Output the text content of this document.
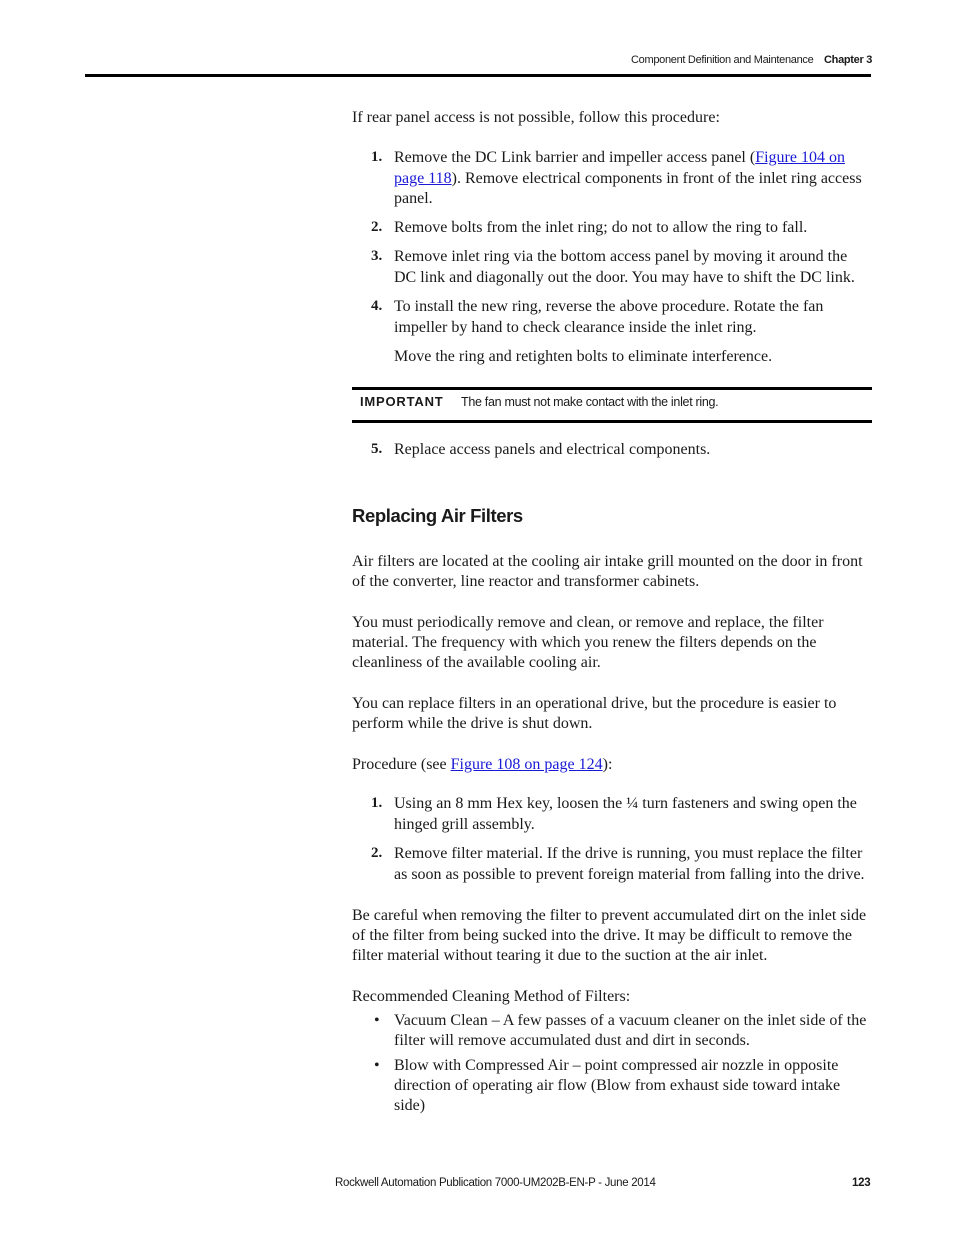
Component Definition and Maintenance Chapter 3
If rear panel access is not possible, follow this procedure:
1. Remove the DC Link barrier and impeller access panel (Figure 104 on page 118). Remove electrical components in front of the inlet ring access panel.
2. Remove bolts from the inlet ring; do not to allow the ring to fall.
3. Remove inlet ring via the bottom access panel by moving it around the DC link and diagonally out the door. You may have to shift the DC link.
4. To install the new ring, reverse the above procedure. Rotate the fan impeller by hand to check clearance inside the inlet ring.
Move the ring and retighten bolts to eliminate interference.
IMPORTANT The fan must not make contact with the inlet ring.
5. Replace access panels and electrical components.
Replacing Air Filters
Air filters are located at the cooling air intake grill mounted on the door in front of the converter, line reactor and transformer cabinets.
You must periodically remove and clean, or remove and replace, the filter material. The frequency with which you renew the filters depends on the cleanliness of the available cooling air.
You can replace filters in an operational drive, but the procedure is easier to perform while the drive is shut down.
Procedure (see Figure 108 on page 124):
1. Using an 8 mm Hex key, loosen the ¼ turn fasteners and swing open the hinged grill assembly.
2. Remove filter material. If the drive is running, you must replace the filter as soon as possible to prevent foreign material from falling into the drive.
Be careful when removing the filter to prevent accumulated dirt on the inlet side of the filter from being sucked into the drive. It may be difficult to remove the filter material without tearing it due to the suction at the air inlet.
Recommended Cleaning Method of Filters:
• Vacuum Clean – A few passes of a vacuum cleaner on the inlet side of the filter will remove accumulated dust and dirt in seconds.
• Blow with Compressed Air – point compressed air nozzle in opposite direction of operating air flow (Blow from exhaust side toward intake side)
Rockwell Automation Publication 7000-UM202B-EN-P - June 2014	123
